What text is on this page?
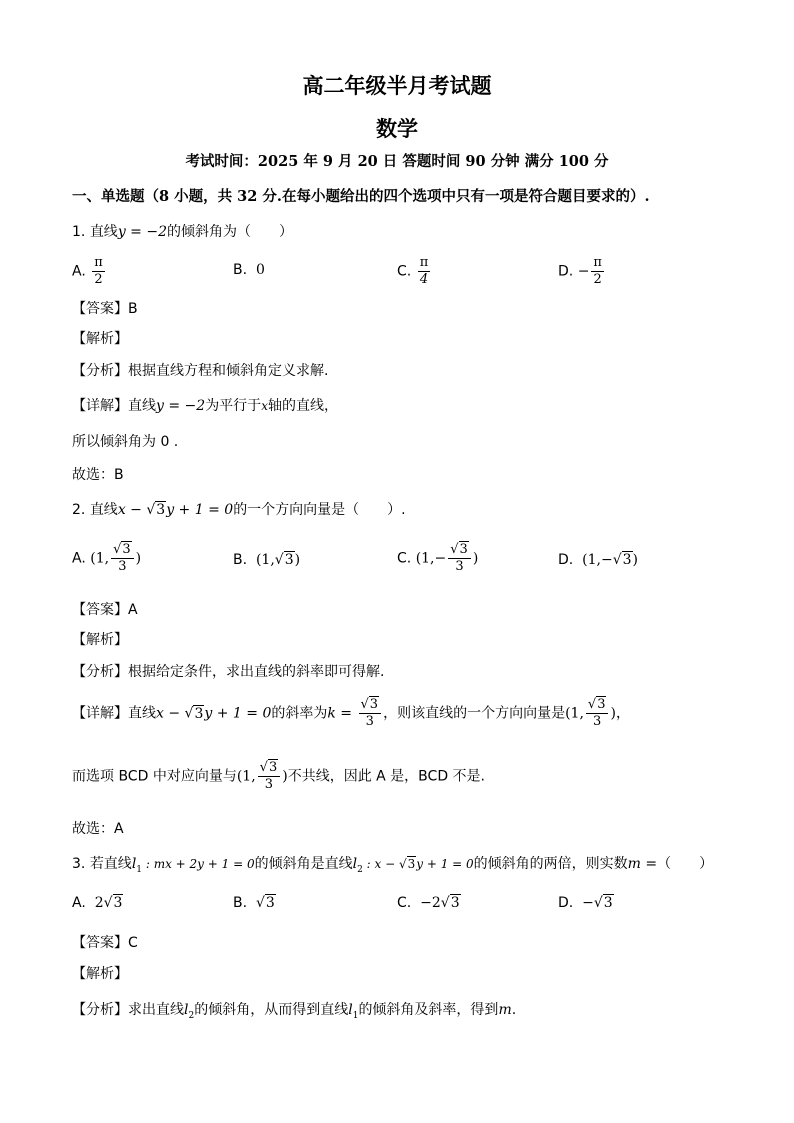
高二年级半月考试题
数学
考试时间：2025 年 9 月 20 日 答题时间 90 分钟 满分 100 分
一、单选题（8 小题，共 32 分.在每小题给出的四个选项中只有一项是符合题目要求的）.
1. 直线y = −2的倾斜角为（　　）
A. $\frac{\pi}{2}$	B. 0	C. $\frac{\pi}{4}$	D. − $\frac{\pi}{2}$
【答案】B
【解析】
【分析】根据直线方程和倾斜角定义求解.
【详解】直线y = −2为平行于x轴的直线，
所以倾斜角为 0 .
故选：B
2. 直线x − √3y + 1 = 0的一个方向向量是（　　）.
A. (1, $\frac{√3}{3}$ )	B. (1,√3)	C. ($1,- \frac{√3}{3}$ )	D. (1,−√3)
【答案】A
【解析】
【分析】根据给定条件，求出直线的斜率即可得解.
【详解】直线x − √3y + 1 = 0的斜率为$k = \frac{√3}{3}$ ，则该直线的一个方向向量是(1, $\frac{√3}{3}$ )，
而选项 BCD 中对应向量与(1, $\frac{√3}{3}$ )不共线，因此 A 是，BCD 不是.
故选：A
3. 若直线$l_1$ : mx + 2y + 1 = 0的倾斜角是直线$l_2$ : x − √3y + 1 = 0的倾斜角的两倍，则实数m =（　　）
A. 2√3	B. √3	C. −2√3	D. −√3
【答案】C
【解析】
【分析】求出直线$l_2$的倾斜角，从而得到直线$l_1$的倾斜角及斜率，得到m.
